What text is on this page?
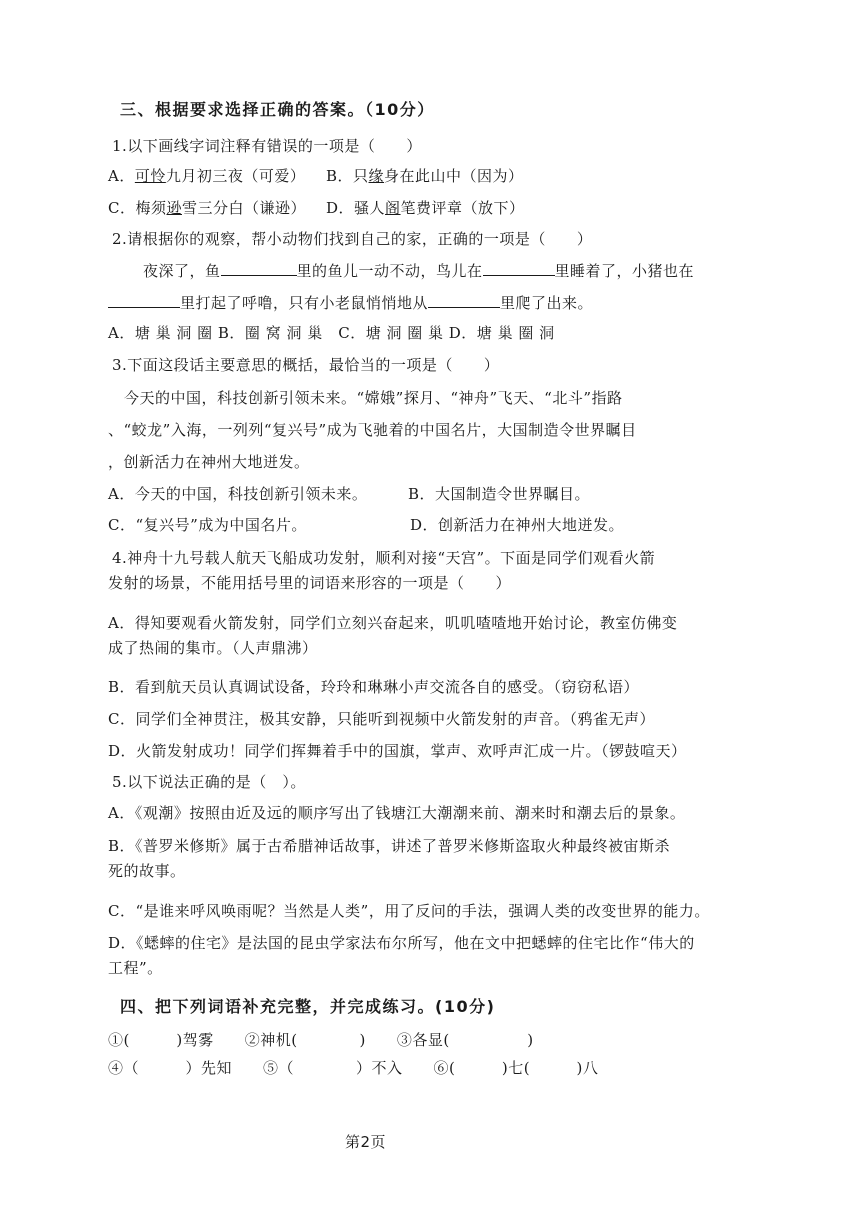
三、根据要求选择正确的答案。（10分）
1.以下画线字词注释有错误的一项是（　　）
A．可怜九月初三夜（可爱） B．只缘身在此山中（因为）
C．梅须逊雪三分白（谦逊） D．骚人阁笔费评章（放下）
2.请根据你的观察，帮小动物们找到自己的家，正确的一项是（　　）
夜深了，鱼	里的鱼儿一动不动，鸟儿在	里睡着了，小猪也在
里打起了呼噜，只有小老鼠悄悄地从	里爬了出来。
A．塘 巢 洞 圈 B．圈 窝 洞 巢　C．塘 洞 圈 巢 D．塘 巢 圈 洞
3.下面这段话主要意思的概括，最恰当的一项是（　　）
今天的中国，科技创新引领未来。“嫦娥”探月、“神舟”飞天、“北斗”指路
、“蛟龙”入海，一列列“复兴号”成为飞驰着的中国名片，大国制造令世界瞩目
，创新活力在神州大地迸发。
A．今天的中国，科技创新引领未来。	B．大国制造令世界瞩目。
C．“复兴号”成为中国名片。	D．创新活力在神州大地迸发。
4.神舟十九号载人航天飞船成功发射，顺利对接“天宫”。下面是同学们观看火箭
发射的场景，不能用括号里的词语来形容的一项是（　　）
A．得知要观看火箭发射，同学们立刻兴奋起来，叽叽喳喳地开始讨论，教室仿佛变
成了热闹的集市。（人声鼎沸）
B．看到航天员认真调试设备，玲玲和琳琳小声交流各自的感受。（窃窃私语）
C．同学们全神贯注，极其安静，只能听到视频中火箭发射的声音。（鸦雀无声）
D．火箭发射成功！同学们挥舞着手中的国旗，掌声、欢呼声汇成一片。（锣鼓喧天）
5.以下说法正确的是（　）。
A．《观潮》按照由近及远的顺序写出了钱塘江大潮潮来前、潮来时和潮去后的景象。
B．《普罗米修斯》属于古希腊神话故事，讲述了普罗米修斯盗取火种最终被宙斯杀
死的故事。
C．“是谁来呼风唤雨呢？当然是人类”，用了反问的手法，强调人类的改变世界的能力。
D．《蟋蟀的住宅》是法国的昆虫学家法布尔所写，他在文中把蟋蟀的住宅比作“伟大的
工程”。
四、把下列词语补充完整，并完成练习。(10分)
①(　　　)驾雾　　②神机(　　　　)　　③各显(　　　　　)
④（　　　）先知　　⑤（　　　　）不入　　⑥(　　　)七(　　　)八
第2页
